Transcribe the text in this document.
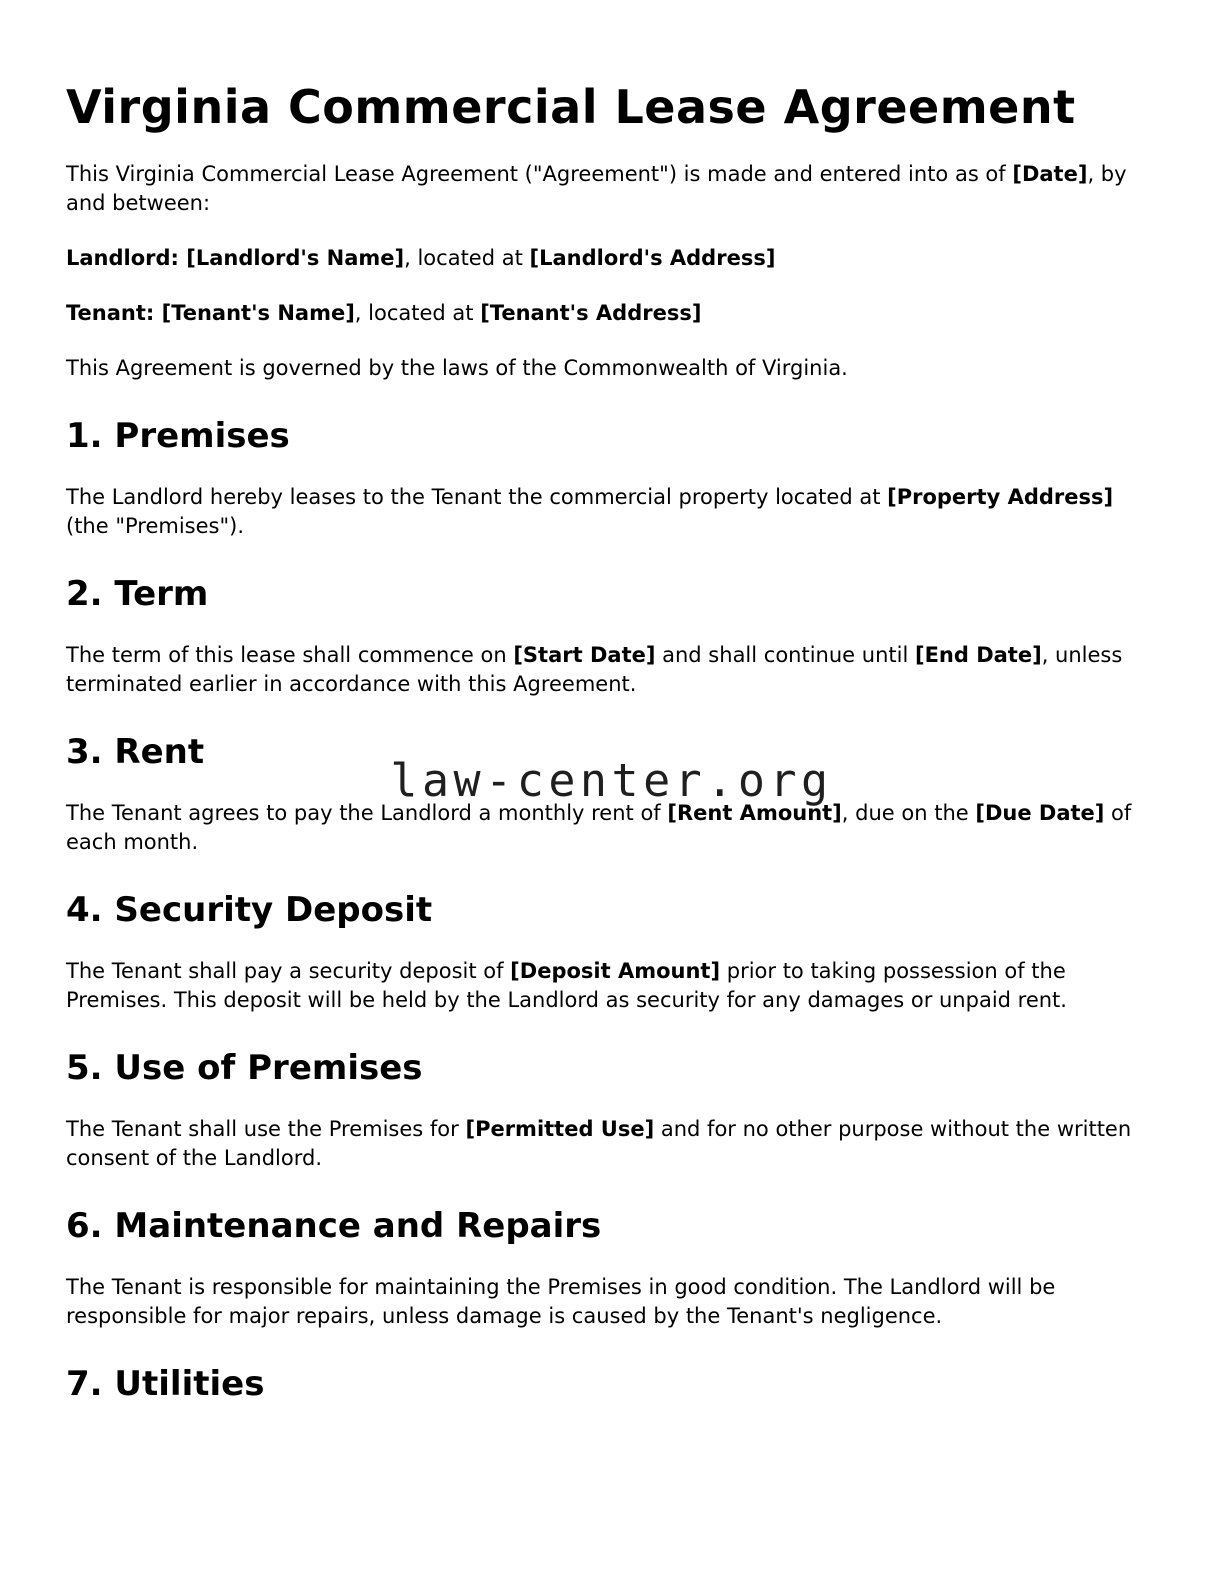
law-center.org
Virginia Commercial Lease Agreement

This Virginia Commercial Lease Agreement ("Agreement") is made and entered into as of [Date], by and between:

Landlord: [Landlord's Name], located at [Landlord's Address]

Tenant: [Tenant's Name], located at [Tenant's Address]

This Agreement is governed by the laws of the Commonwealth of Virginia.

1. Premises

The Landlord hereby leases to the Tenant the commercial property located at [Property Address] (the "Premises").

2. Term

The term of this lease shall commence on [Start Date] and shall continue until [End Date], unless terminated earlier in accordance with this Agreement.

3. Rent

The Tenant agrees to pay the Landlord a monthly rent of [Rent Amount], due on the [Due Date] of each month.

4. Security Deposit

The Tenant shall pay a security deposit of [Deposit Amount] prior to taking possession of the Premises. This deposit will be held by the Landlord as security for any damages or unpaid rent.

5. Use of Premises

The Tenant shall use the Premises for [Permitted Use] and for no other purpose without the written consent of the Landlord.

6. Maintenance and Repairs

The Tenant is responsible for maintaining the Premises in good condition. The Landlord will be responsible for major repairs, unless damage is caused by the Tenant's negligence.

7. Utilities
